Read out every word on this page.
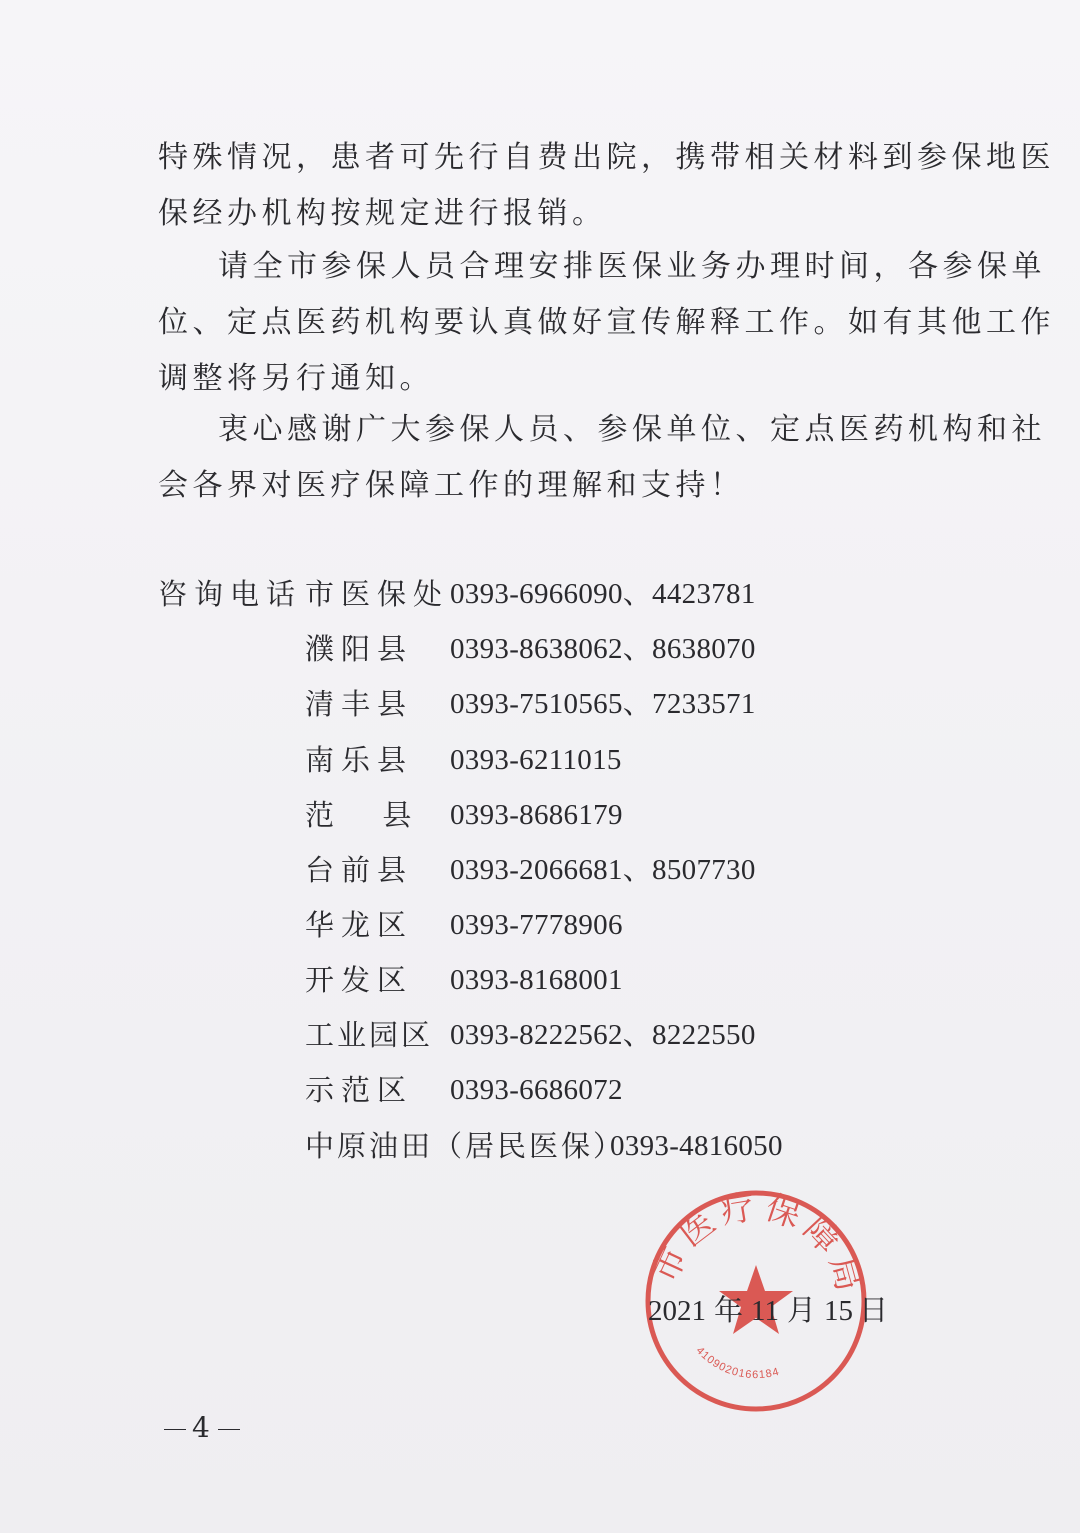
特殊情况，患者可先行自费出院，携带相关材料到参保地医
保经办机构按规定进行报销。

请全市参保人员合理安排医保业务办理时间，各参保单
位、定点医药机构要认真做好宣传解释工作。如有其他工作
调整将另行通知。

衷心感谢广大参保人员、参保单位、定点医药机构和社
会各界对医疗保障工作的理解和支持！

咨询电话 市医保处 0393-6966090、4423781
濮阳县 0393-8638062、8638070
清丰县 0393-7510565、7233571
南乐县 0393-6211015
范  县 0393-8686179
台前县 0393-2066681、8507730
华龙区 0393-7778906
开发区 0393-8168001
工业园区 0393-8222562、8222550
示范区 0393-6686072
中原油田（居民医保）
0393-4816050
市医疗保障局
4109020166184
2021 年 11 月 15 日
4
